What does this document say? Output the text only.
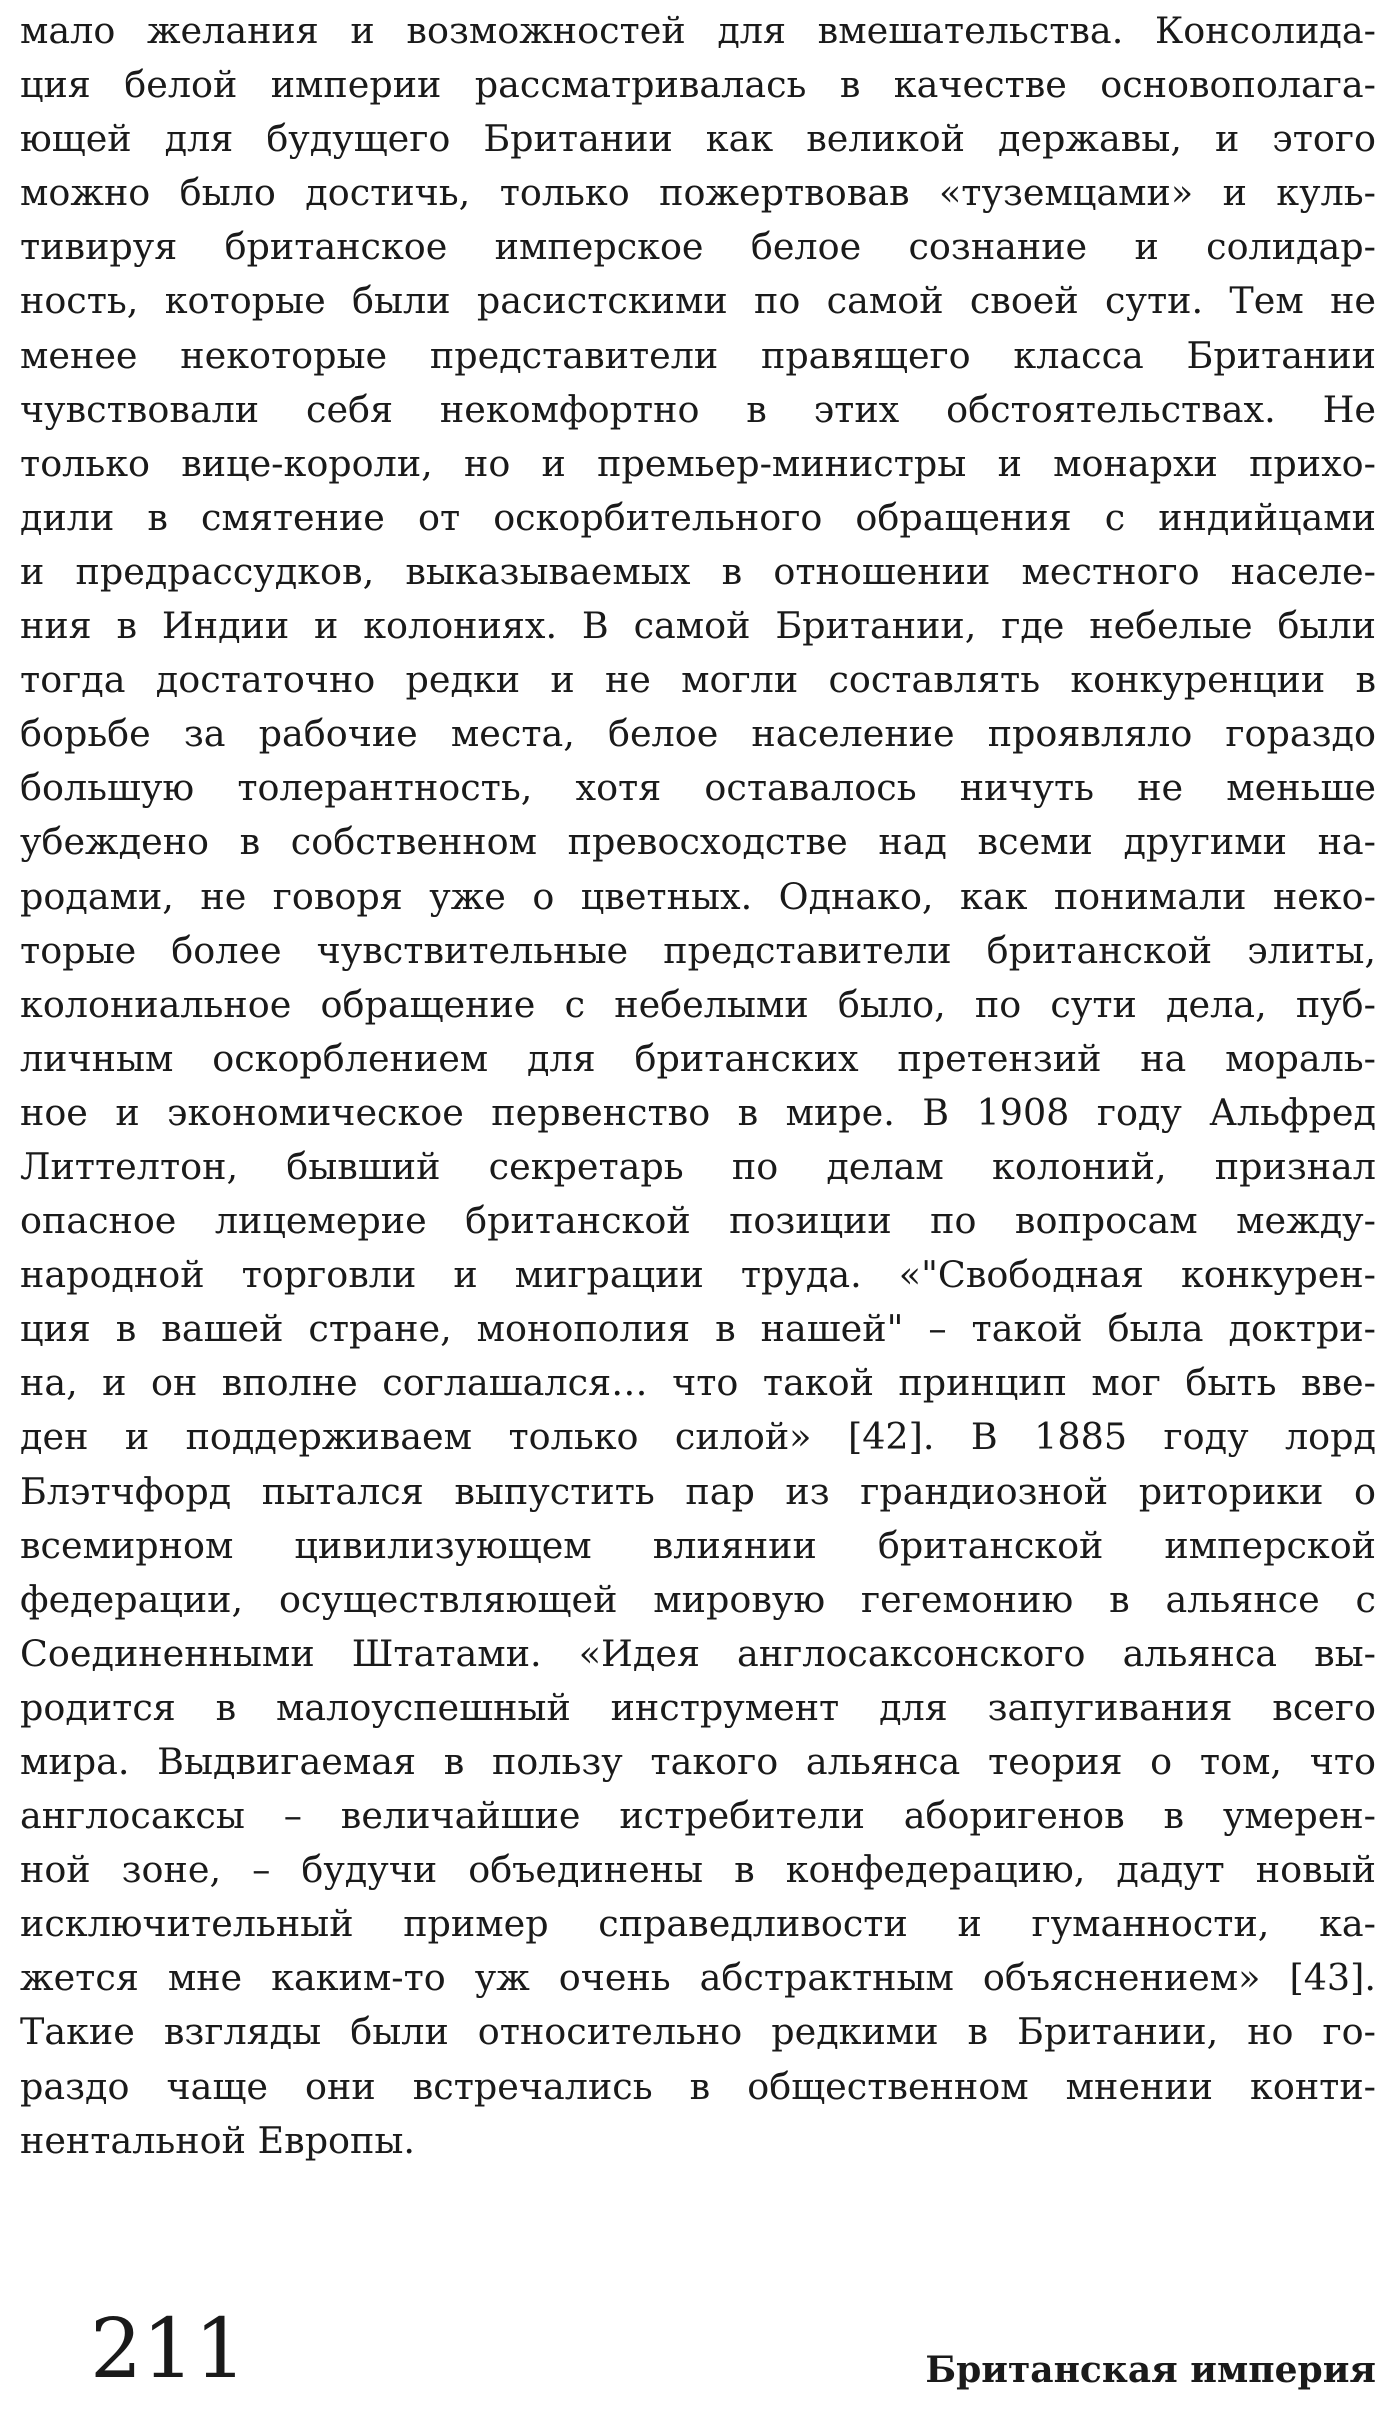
мало желания и возможностей для вмешательства. Консолида-
ция белой империи рассматривалась в качестве основополага-
ющей для будущего Британии как великой державы, и этого
можно было достичь, только пожертвовав «туземцами» и куль-
тивируя британское имперское белое сознание и солидар-
ность, которые были расистскими по самой своей сути. Тем не
менее некоторые представители правящего класса Британии
чувствовали себя некомфортно в этих обстоятельствах. Не
только вице-короли, но и премьер-министры и монархи прихо-
дили в смятение от оскорбительного обращения с индийцами
и предрассудков, выказываемых в отношении местного населе-
ния в Индии и колониях. В самой Британии, где небелые были
тогда достаточно редки и не могли составлять конкуренции в
борьбе за рабочие места, белое население проявляло гораздо
большую толерантность, хотя оставалось ничуть не меньше
убеждено в собственном превосходстве над всеми другими на-
родами, не говоря уже о цветных. Однако, как понимали неко-
торые более чувствительные представители британской элиты,
колониальное обращение с небелыми было, по сути дела, пуб-
личным оскорблением для британских претензий на мораль-
ное и экономическое первенство в мире. В 1908 году Альфред
Литтелтон, бывший секретарь по делам колоний, признал
опасное лицемерие британской позиции по вопросам между-
народной торговли и миграции труда. «"Свободная конкурен-
ция в вашей стране, монополия в нашей" – такой была доктри-
на, и он вполне соглашался… что такой принцип мог быть вве-
ден и поддерживаем только силой» [42]. В 1885 году лорд
Блэтчфорд пытался выпустить пар из грандиозной риторики о
всемирном цивилизующем влиянии британской имперской
федерации, осуществляющей мировую гегемонию в альянсе с
Соединенными Штатами. «Идея англосаксонского альянса вы-
родится в малоуспешный инструмент для запугивания всего
мира. Выдвигаемая в пользу такого альянса теория о том, что
англосаксы – величайшие истребители аборигенов в умерен-
ной зоне, – будучи объединены в конфедерацию, дадут новый
исключительный пример справедливости и гуманности, ка-
жется мне каким-то уж очень абстрактным объяснением» [43].
Такие взгляды были относительно редкими в Британии, но го-
раздо чаще они встречались в общественном мнении конти-
нентальной Европы.
211	Британская империя
